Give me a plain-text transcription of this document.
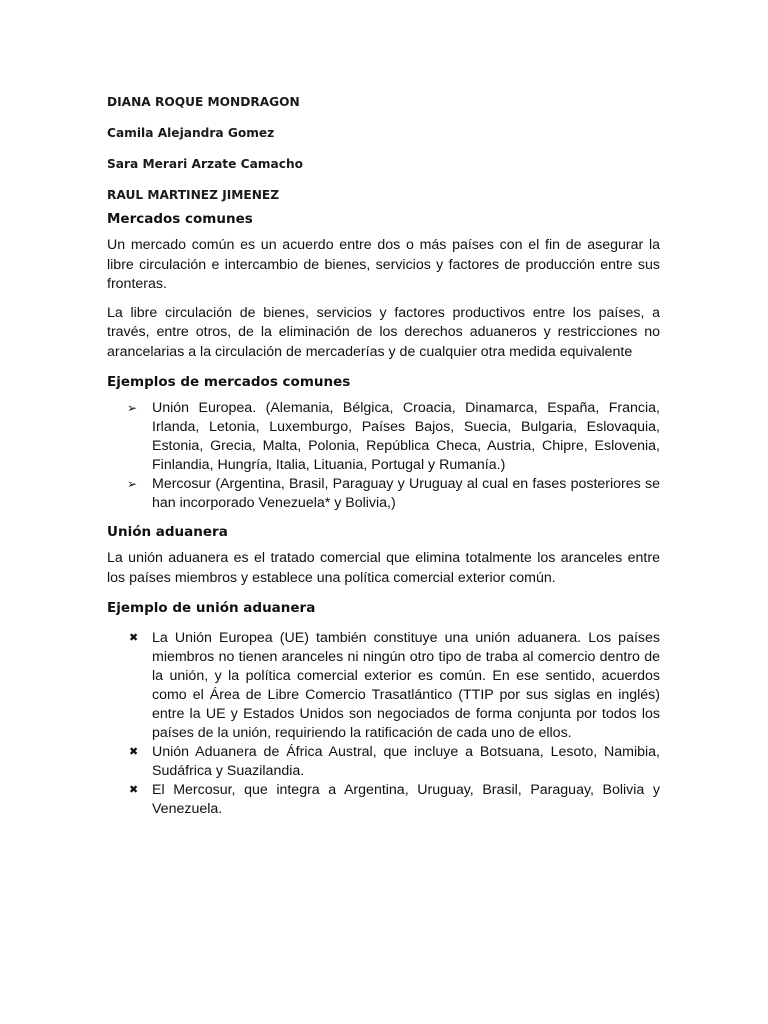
DIANA ROQUE MONDRAGON

Camila Alejandra Gomez

Sara Merari Arzate Camacho

RAUL MARTINEZ JIMENEZ

Mercados comunes

Un mercado común es un acuerdo entre dos o más países con el fin de asegurar la libre circulación e intercambio de bienes, servicios y factores de producción entre sus fronteras.

La libre circulación de bienes, servicios y factores productivos entre los países, a través, entre otros, de la eliminación de los derechos aduaneros y restricciones no arancelarias a la circulación de mercaderías y de cualquier otra medida equivalente

Ejemplos de mercados comunes
➢ Unión Europea. (Alemania, Bélgica, Croacia, Dinamarca, España, Francia, Irlanda, Letonia, Luxemburgo, Países Bajos, Suecia, Bulgaria, Eslovaquia, Estonia, Grecia, Malta, Polonia, República Checa, Austria, Chipre, Eslovenia, Finlandia, Hungría, Italia, Lituania, Portugal y Rumanía.)
➢ Mercosur (Argentina, Brasil, Paraguay y Uruguay al cual en fases posteriores se han incorporado Venezuela* y Bolivia,)
Unión aduanera

La unión aduanera es el tratado comercial que elimina totalmente los aranceles entre los países miembros y establece una política comercial exterior común.

Ejemplo de unión aduanera
✖ La Unión Europea (UE) también constituye una unión aduanera. Los países miembros no tienen aranceles ni ningún otro tipo de traba al comercio dentro de la unión, y la política comercial exterior es común. En ese sentido, acuerdos como el Área de Libre Comercio Trasatlántico (TTIP por sus siglas en inglés) entre la UE y Estados Unidos son negociados de forma conjunta por todos los países de la unión, requiriendo la ratificación de cada uno de ellos.
✖ Unión Aduanera de África Austral, que incluye a Botsuana, Lesoto, Namibia, Sudáfrica y Suazilandia.
✖ El Mercosur, que integra a Argentina, Uruguay, Brasil, Paraguay, Bolivia y Venezuela.
